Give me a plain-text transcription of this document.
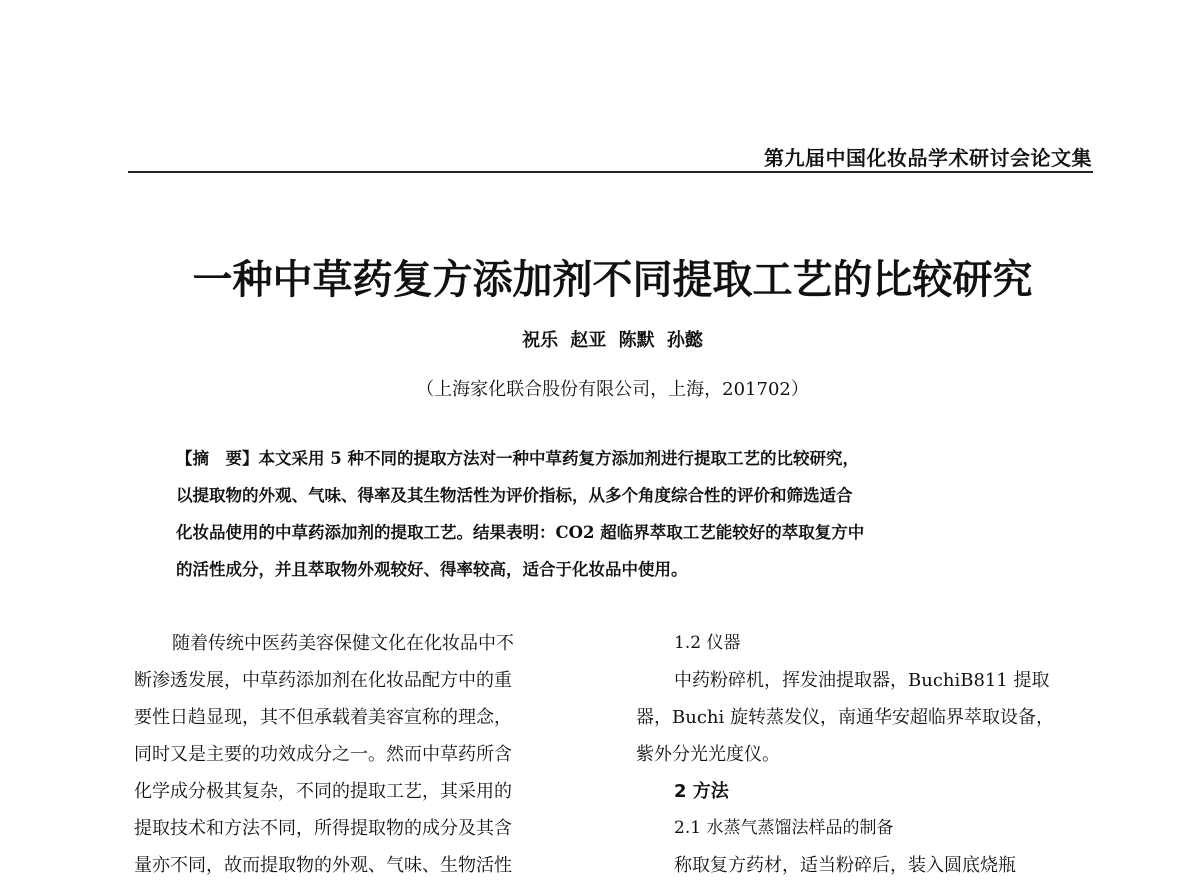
第九届中国化妆品学术研讨会论文集
一种中草药复方添加剂不同提取工艺的比较研究
祝乐 赵亚 陈默 孙懿
（上海家化联合股份有限公司，上海，201702）
【摘　要】本文采用 5 种不同的提取方法对一种中草药复方添加剂进行提取工艺的比较研究，
以提取物的外观、气味、得率及其生物活性为评价指标，从多个角度综合性的评价和筛选适合
化妆品使用的中草药添加剂的提取工艺。结果表明：CO2 超临界萃取工艺能较好的萃取复方中
的活性成分，并且萃取物外观较好、得率较高，适合于化妆品中使用。
随着传统中医药美容保健文化在化妆品中不
断渗透发展，中草药添加剂在化妆品配方中的重
要性日趋显现，其不但承载着美容宣称的理念，
同时又是主要的功效成分之一。然而中草药所含
化学成分极其复杂，不同的提取工艺，其采用的
提取技术和方法不同，所得提取物的成分及其含
量亦不同，故而提取物的外观、气味、生物活性
1.2 仪器
中药粉碎机，挥发油提取器，BuchiB811 提取
器，Buchi 旋转蒸发仪，南通华安超临界萃取设备，
紫外分光光度仪。
2 方法
2.1 水蒸气蒸馏法样品的制备
称取复方药材，适当粉碎后，装入圆底烧瓶
